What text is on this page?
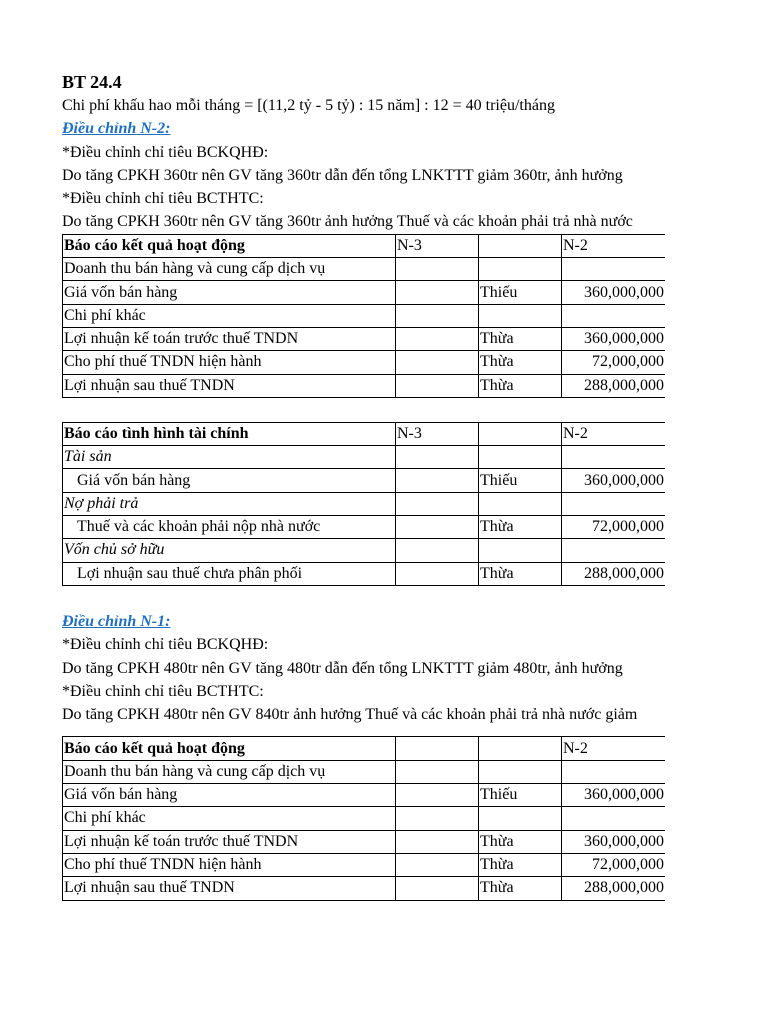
BT 24.4
Chi phí khấu hao mỗi tháng = [(11,2 tỷ - 5 tỷ) : 15 năm] : 12 = 40 triệu/tháng
Điều chỉnh N-2:
*Điều chỉnh chỉ tiêu BCKQHĐ:
Do tăng CPKH 360tr nên GV tăng 360tr dẫn đến tổng LNKTTT giảm 360tr, ảnh hưởng
*Điều chỉnh chỉ tiêu BCTHTC:
Do tăng CPKH 360tr nên GV tăng 360tr ảnh hưởng Thuế và các khoản phải trả nhà nước
Báo cáo kết quả hoạt động	N-3		N-2
Doanh thu bán hàng và cung cấp dịch vụ			
Giá vốn bán hàng		Thiếu	360,000,000
Chi phí khác			
Lợi nhuận kế toán trước thuế TNDN		Thừa	360,000,000
Cho phí thuế TNDN hiện hành		Thừa	72,000,000
Lợi nhuận sau thuế TNDN		Thừa	288,000,000
Báo cáo tình hình tài chính	N-3		N-2
Tài sản			
Giá vốn bán hàng		Thiếu	360,000,000
Nợ phải trả			
Thuế và các khoản phải nộp nhà nước		Thừa	72,000,000
Vốn chủ sở hữu			
Lợi nhuận sau thuế chưa phân phối		Thừa	288,000,000
Điều chỉnh N-1:
*Điều chỉnh chỉ tiêu BCKQHĐ:
Do tăng CPKH 480tr nên GV tăng 480tr dẫn đến tổng LNKTTT giảm 480tr, ảnh hưởng
*Điều chỉnh chỉ tiêu BCTHTC:
Do tăng CPKH 480tr nên GV 840tr ảnh hưởng Thuế và các khoản phải trả nhà nước giảm
Báo cáo kết quả hoạt động			N-2
Doanh thu bán hàng và cung cấp dịch vụ			
Giá vốn bán hàng		Thiếu	360,000,000
Chi phí khác			
Lợi nhuận kế toán trước thuế TNDN		Thừa	360,000,000
Cho phí thuế TNDN hiện hành		Thừa	72,000,000
Lợi nhuận sau thuế TNDN		Thừa	288,000,000
